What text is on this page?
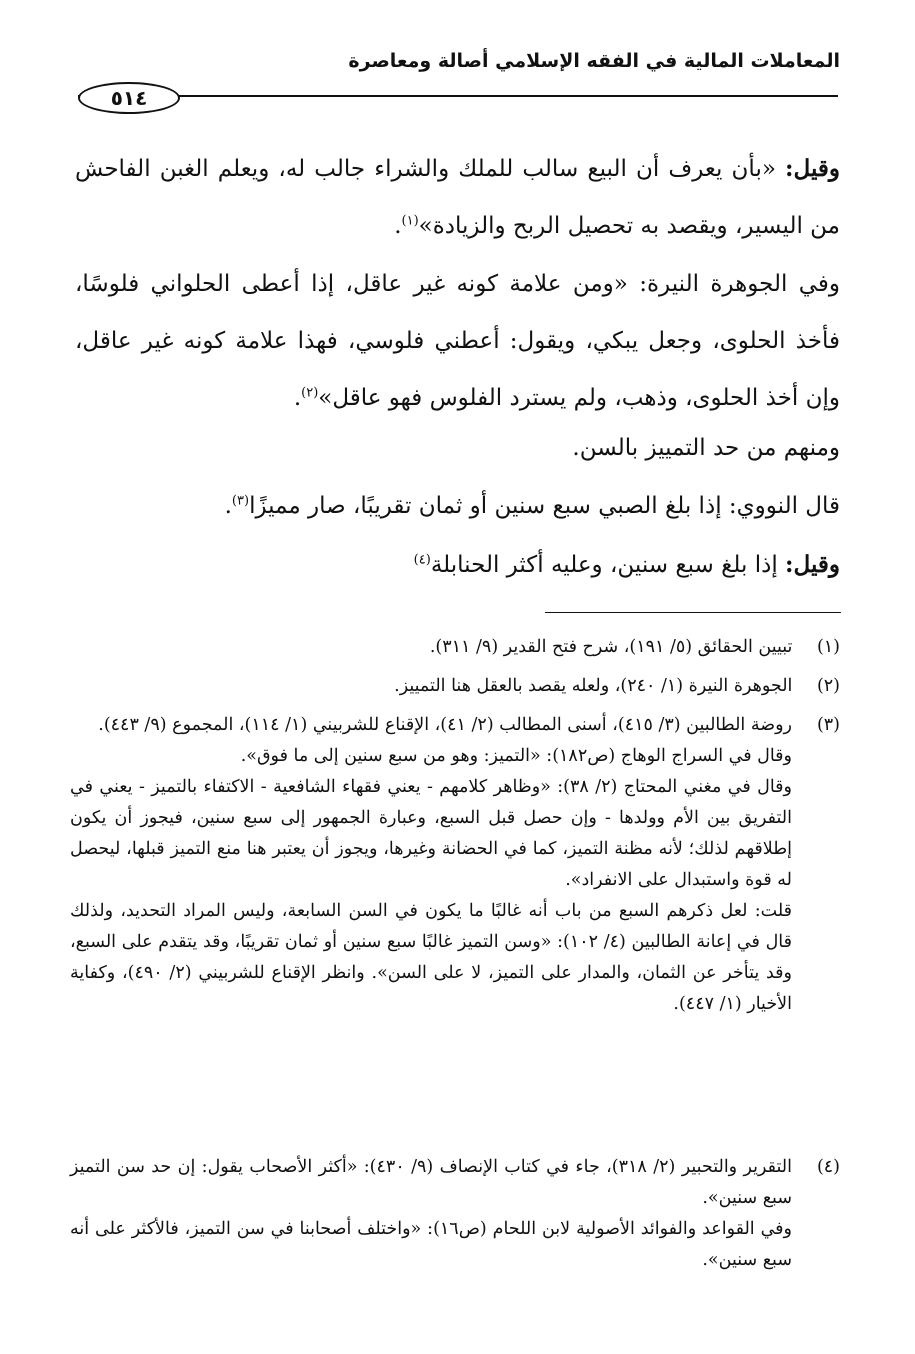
المعاملات المالية في الفقه الإسلامي أصالة ومعاصرة
٥١٤
وقيل: «بأن يعرف أن البيع سالب للملك والشراء جالب له، ويعلم الغبن الفاحش من اليسير، ويقصد به تحصيل الربح والزيادة»$^{(١)}$.
وفي الجوهرة النيرة: «ومن علامة كونه غير عاقل، إذا أعطى الحلواني فلوسًا، فأخذ الحلوى، وجعل يبكي، ويقول: أعطني فلوسي، فهذا علامة كونه غير عاقل، وإن أخذ الحلوى، وذهب، ولم يسترد الفلوس فهو عاقل»$^{(٢)}$.
ومنهم من حد التمييز بالسن.
قال النووي: إذا بلغ الصبي سبع سنين أو ثمان تقريبًا، صار مميزًا$^{(٣)}$.
وقيل: إذا بلغ سبع سنين، وعليه أكثر الحنابلة$^{(٤)}$
(١) تبيين الحقائق (٥/ ١٩١)، شرح فتح القدير (٩/ ٣١١).
(٢) الجوهرة النيرة (١/ ٢٤٠)، ولعله يقصد بالعقل هنا التمييز.
(٣)
روضة الطالبين (٣/ ٤١٥)، أسنى المطالب (٢/ ٤١)، الإقناع للشربيني (١/ ١١٤)، المجموع (٩/ ٤٤٣).
وقال في السراج الوهاج (ص١٨٢): «التميز: وهو من سبع سنين إلى ما فوق».
وقال في مغني المحتاج (٢/ ٣٨): «وظاهر كلامهم - يعني فقهاء الشافعية - الاكتفاء بالتميز - يعني في التفريق بين الأم وولدها - وإن حصل قبل السبع، وعبارة الجمهور إلى سبع سنين، فيجوز أن يكون إطلاقهم لذلك؛ لأنه مظنة التميز، كما في الحضانة وغيرها، ويجوز أن يعتبر هنا منع التميز قبلها، ليحصل له قوة واستبدال على الانفراد».
قلت: لعل ذكرهم السبع من باب أنه غالبًا ما يكون في السن السابعة، وليس المراد التحديد، ولذلك قال في إعانة الطالبين (٤/ ١٠٢): «وسن التميز غالبًا سبع سنين أو ثمان تقريبًا، وقد يتقدم على السبع، وقد يتأخر عن الثمان، والمدار على التميز، لا على السن». وانظر الإقناع للشربيني (٢/ ٤٩٠)، وكفاية الأخيار (١/ ٤٤٧).
(٤)
التقرير والتحبير (٢/ ٣١٨)، جاء في كتاب الإنصاف (٩/ ٤٣٠): «أكثر الأصحاب يقول: إن حد سن التميز سبع سنين».
وفي القواعد والفوائد الأصولية لابن اللحام (ص١٦): «واختلف أصحابنا في سن التميز، فالأكثر على أنه سبع سنين».
